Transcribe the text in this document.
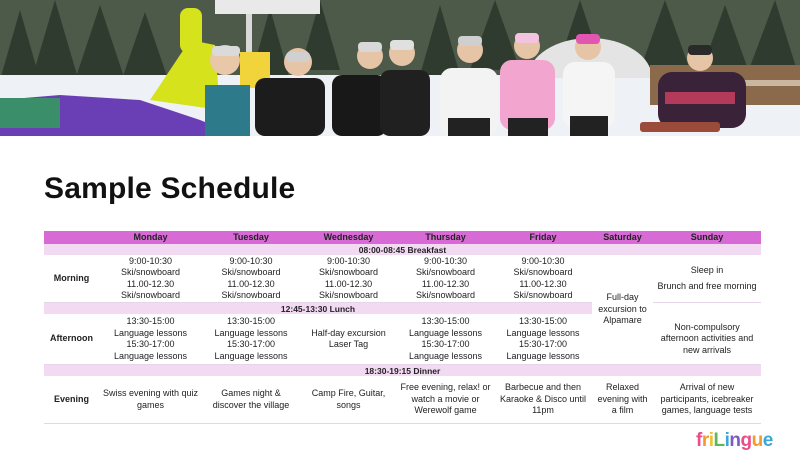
Sample Schedule
	Monday	Tuesday	Wednesday	Thursday	Friday	Saturday	Sunday
08:00-08:45 Breakfast							
Morning	9:00-10:30
Ski/snowboard
11.00-12.30
Ski/snowboard	9:00-10:30
Ski/snowboard
11.00-12.30
Ski/snowboard	9:00-10:30
Ski/snowboard
11.00-12.30
Ski/snowboard	9:00-10:30
Ski/snowboard
11.00-12.30
Ski/snowboard	9:00-10:30
Ski/snowboard
11.00-12.30
Ski/snowboard	Full-day excursion to Alpamare	Sleep in
Brunch and free morning

12:45-13:30 Lunch							
Afternoon	13:30-15:00
Language lessons
15:30-17:00
Language lessons	13:30-15:00
Language lessons
15:30-17:00
Language lessons	Half-day excursion
Laser Tag	13:30-15:00
Language lessons
15:30-17:00
Language lessons	13:30-15:00
Language lessons
15:30-17:00
Language lessons		Non-compulsory afternoon activities and new arrivals

18:30-19:15 Dinner							
Evening	Swiss evening with quiz games	Games night & discover the village	Camp Fire, Guitar, songs	Free evening, relax! or watch a movie or Werewolf game	Barbecue and then Karaoke & Disco until 11pm	Relaxed evening with a film	Arrival of new participants, icebreaker games, language tests
friLingue
